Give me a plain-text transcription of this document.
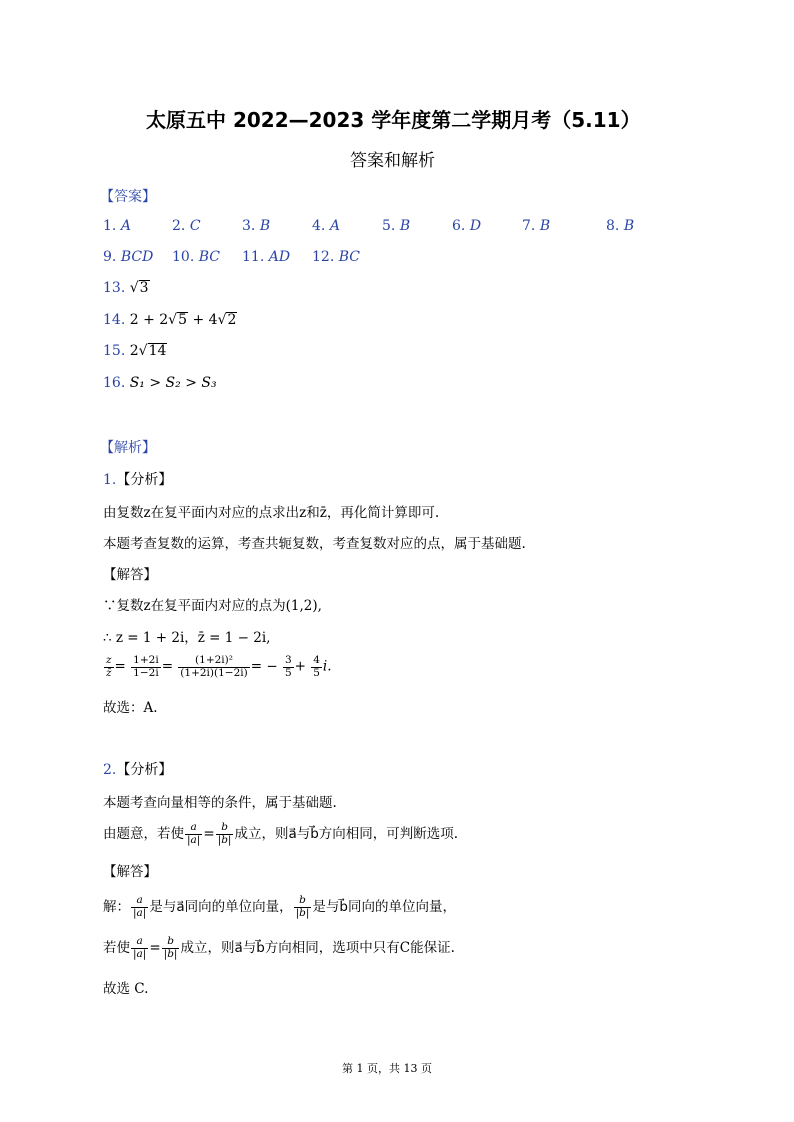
太原五中 2022—2023 学年度第二学期月考（5.11）
答案和解析
【答案】
1. A	2. C	3. B	4. A	5. B	6. D	7. B	8. B
9. BCD 10. BC 11. AD 12. BC
13. √3
14. 2 + 2√5 + 4√2
15. 2√14
16. S₁ > S₂ > S₃
【解析】
1.【分析】
由复数z在复平面内对应的点求出z和z̄，再化简计算即可.
本题考查复数的运算，考查共轭复数，考查复数对应的点，属于基础题.
【解答】
∵复数z在复平面内对应的点为(1,2),
∴ z = 1 + 2i，z̄ = 1 − 2i,
$\frac{z}{z̄} = \frac{1+2i}{1-2i} = \frac{\text{(1+2i)²}}{(1+2i)(1-2i)}$ = − $\frac{3}{5} + \frac{4}{5} i$.
故选：A.
2.【分析】
本题考查向量相等的条件，属于基础题.
由题意，若使 $\frac{a}{|a|} = \frac{b}{|b|}$ 成立，则a⃗与b⃗方向相同，可判断选项.
【解答】
解： $\frac{a}{|a|}$ 是与a⃗同向的单位向量， $\frac{b}{|b|}$ 是与b⃗同向的单位向量，
若使 $\frac{a}{|a|} = \frac{b}{|b|}$ 成立，则a⃗与b⃗方向相同，选项中只有C能保证.
故选 C.
第 1 页，共 13 页
